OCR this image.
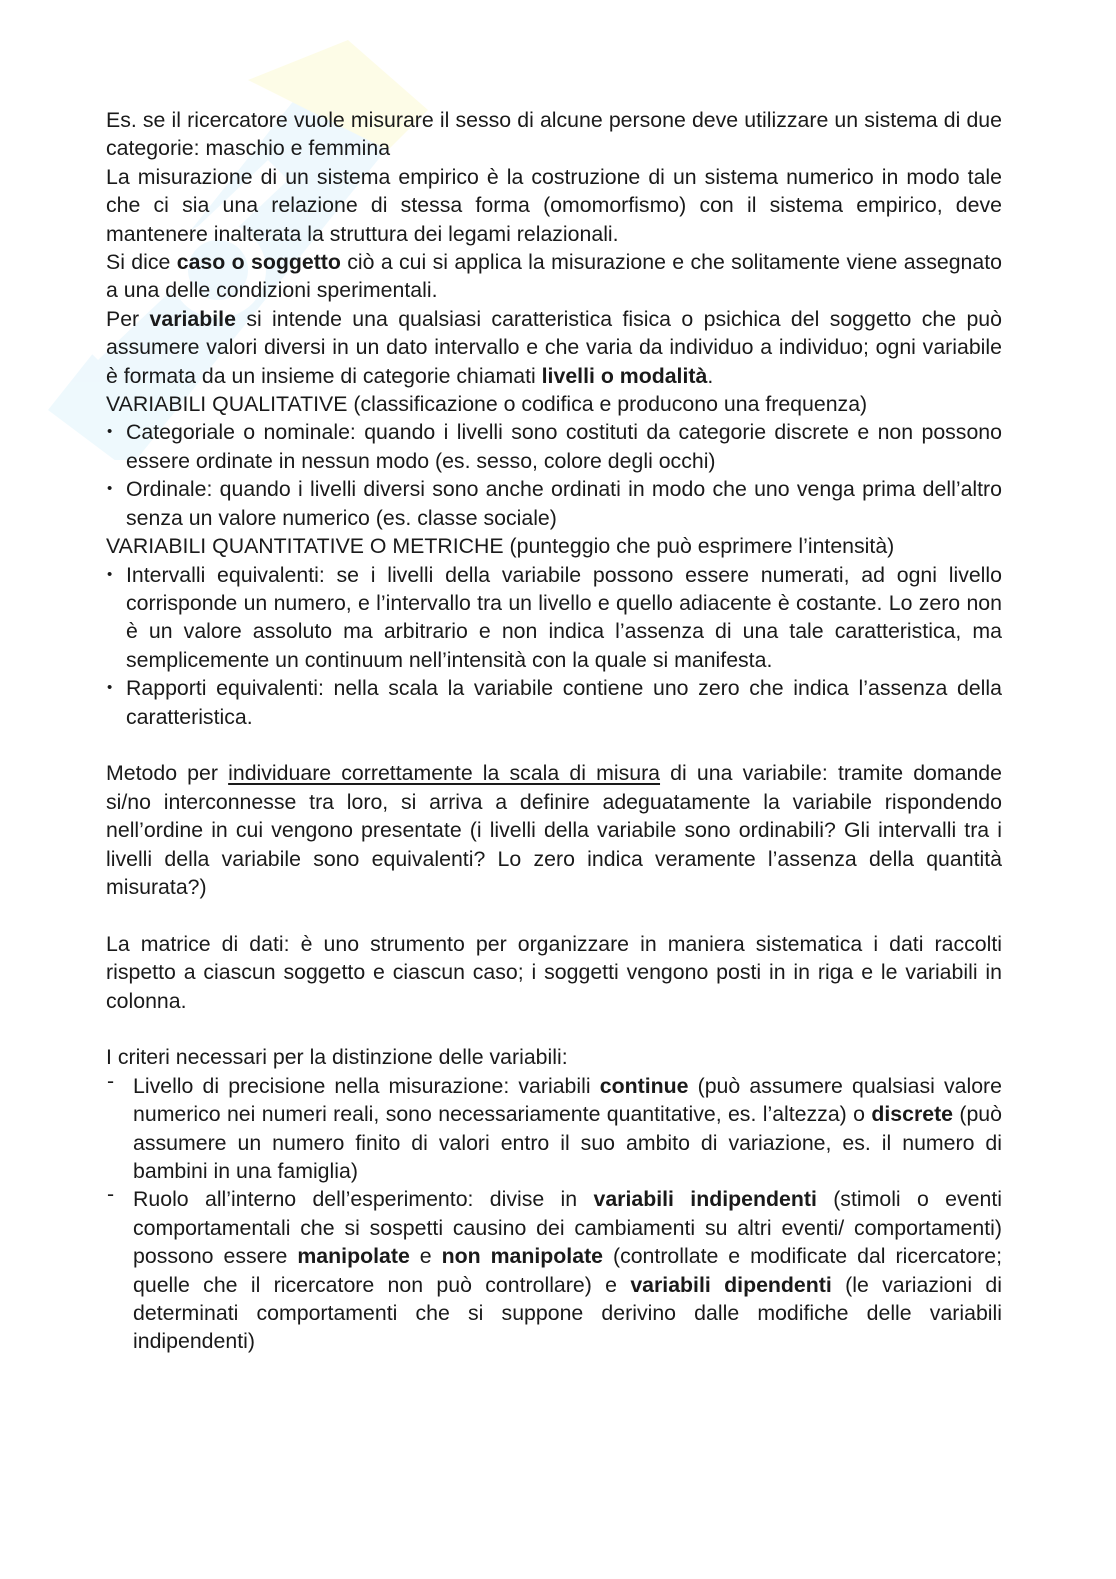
Es. se il ricercatore vuole misurare il sesso di alcune persone deve utilizzare un sistema di due categorie: maschio e femmina

La misurazione di un sistema empirico è la costruzione di un sistema numerico in modo tale che ci sia una relazione di stessa forma (omomorfismo) con il sistema empirico, deve mantenere inalterata la struttura dei legami relazionali.

Si dice caso o soggetto ciò a cui si applica la misurazione e che solitamente viene assegnato a una delle condizioni sperimentali.

Per variabile si intende una qualsiasi caratteristica fisica o psichica del soggetto che può assumere valori diversi in un dato intervallo e che varia da individuo a individuo; ogni variabile è formata da un insieme di categorie chiamati livelli o modalità.

VARIABILI QUALITATIVE (classificazione o codifica e producono una frequenza)

• Categoriale o nominale: quando i livelli sono costituti da categorie discrete e non possono essere ordinate in nessun modo (es. sesso, colore degli occhi)
• Ordinale: quando i livelli diversi sono anche ordinati in modo che uno venga prima dell’altro senza un valore numerico (es. classe sociale)

VARIABILI QUANTITATIVE O METRICHE (punteggio che può esprimere l’intensità)

• Intervalli equivalenti: se i livelli della variabile possono essere numerati, ad ogni livello corrisponde un numero, e l’intervallo tra un livello e quello adiacente è costante. Lo zero non è un valore assoluto ma arbitrario e non indica l’assenza di una tale caratteristica, ma semplicemente un continuum nell’intensità con la quale si manifesta.
• Rapporti equivalenti: nella scala la variabile contiene uno zero che indica l’assenza della caratteristica.

Metodo per individuare correttamente la scala di misura di una variabile: tramite domande si/no interconnesse tra loro, si arriva a definire adeguatamente la variabile rispondendo nell’ordine in cui vengono presentate (i livelli della variabile sono ordinabili? Gli intervalli tra i livelli della variabile sono equivalenti? Lo zero indica veramente l’assenza della quantità misurata?)

La matrice di dati: è uno strumento per organizzare in maniera sistematica i dati raccolti rispetto a ciascun soggetto e ciascun caso; i soggetti vengono posti in in riga e le variabili in colonna.

I criteri necessari per la distinzione delle variabili:

- Livello di precisione nella misurazione: variabili continue (può assumere qualsiasi valore numerico nei numeri reali, sono necessariamente quantitative, es. l’altezza) o discrete (può assumere un numero finito di valori entro il suo ambito di variazione, es. il numero di bambini in una famiglia)
- Ruolo all’interno dell’esperimento: divise in variabili indipendenti (stimoli o eventi comportamentali che si sospetti causino dei cambiamenti su altri eventi/ comportamenti) possono essere manipolate e non manipolate (controllate e modificate dal ricercatore; quelle che il ricercatore non può controllare) e variabili dipendenti (le variazioni di determinati comportamenti che si suppone derivino dalle modifiche delle variabili indipendenti)
